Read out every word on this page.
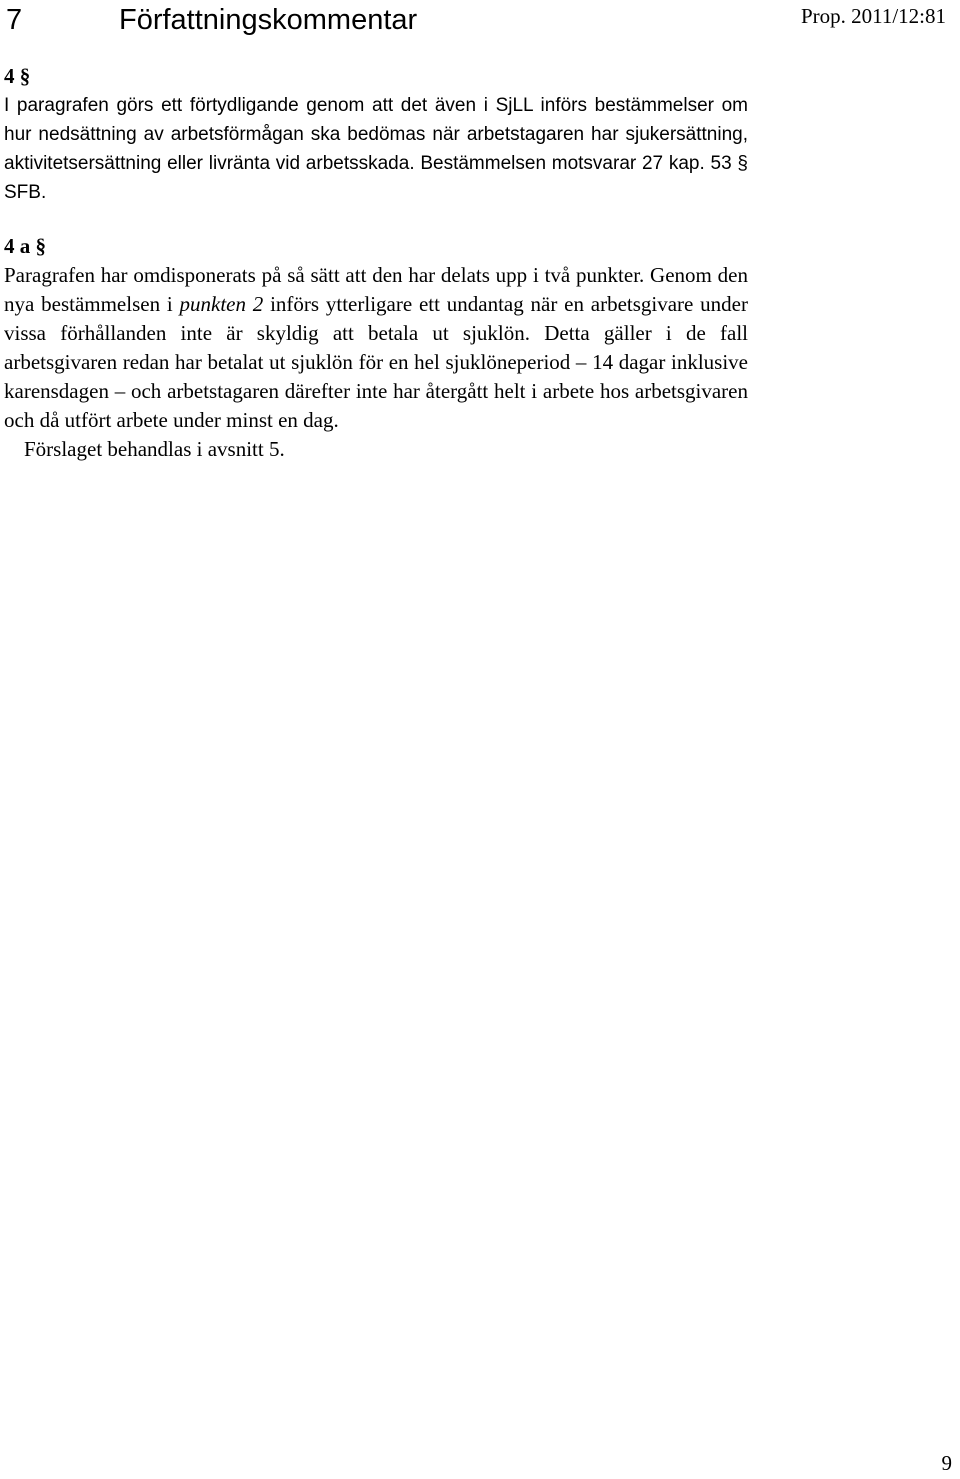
7	Författningskommentar	Prop. 2011/12:81
4 §

I paragrafen görs ett förtydligande genom att det även i SjLL införs bestämmelser om hur nedsättning av arbetsförmågan ska bedömas när arbetstagaren har sjukersättning, aktivitetsersättning eller livränta vid arbetsskada. Bestämmelsen motsvarar 27 kap. 53 § SFB.

4 a §

Paragrafen har omdisponerats på så sätt att den har delats upp i två punkter. Genom den nya bestämmelsen i punkten 2 införs ytterligare ett undantag när en arbetsgivare under vissa förhållanden inte är skyldig att betala ut sjuklön. Detta gäller i de fall arbetsgivaren redan har betalat ut sjuklön för en hel sjuklöneperiod – 14 dagar inklusive karensdagen – och arbetstagaren därefter inte har återgått helt i arbete hos arbetsgivaren och då utfört arbete under minst en dag.

Förslaget behandlas i avsnitt 5.

9
